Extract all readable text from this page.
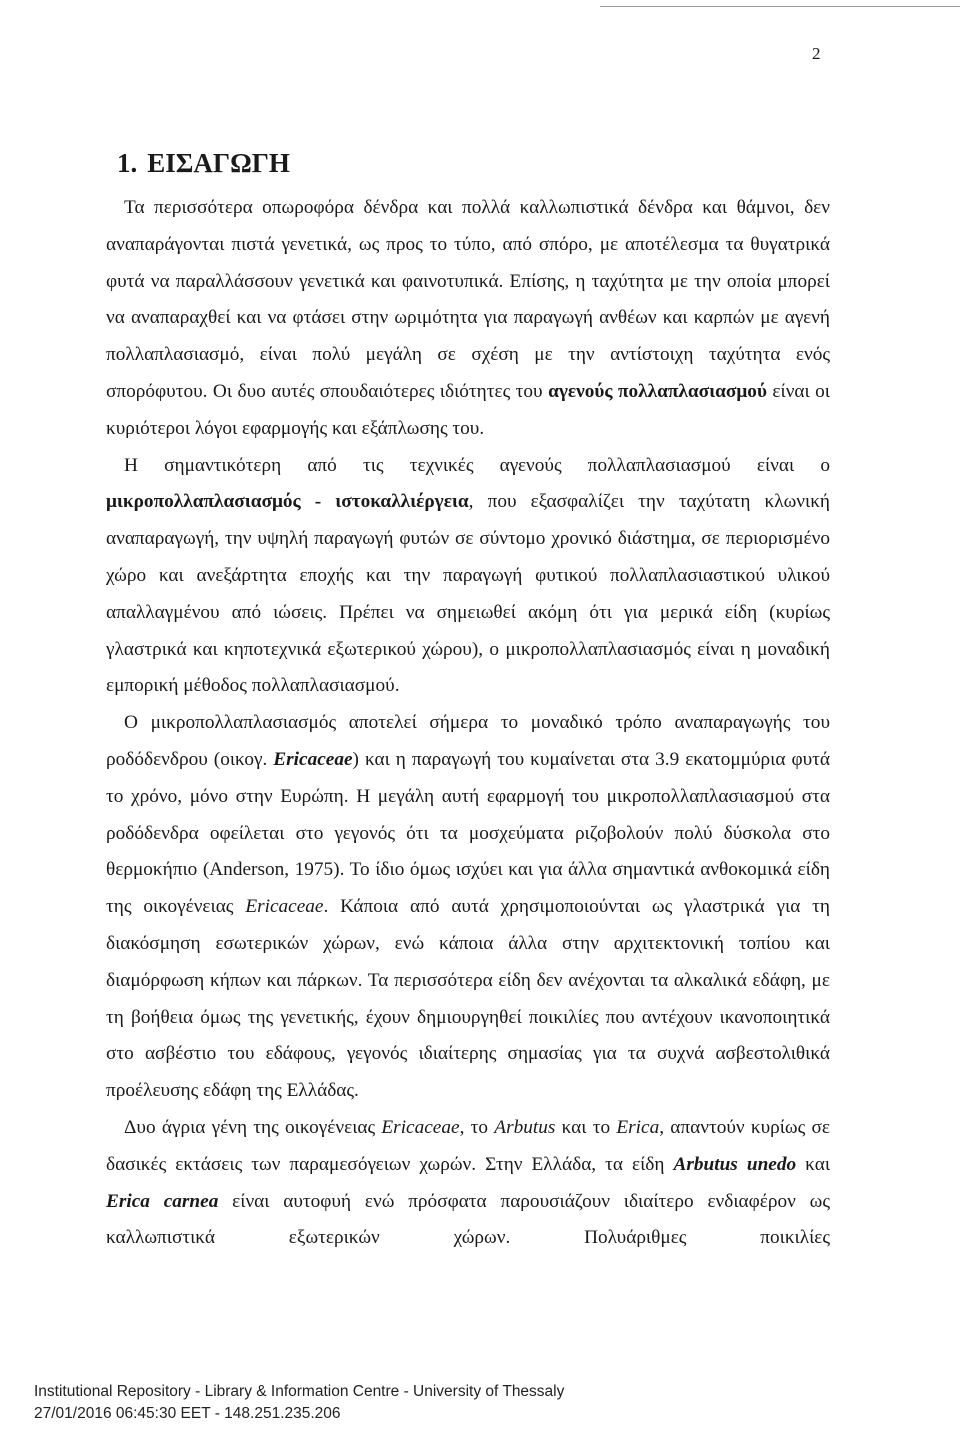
2
1. ΕΙΣΑΓΩΓΗ

Τα περισσότερα οπωροφόρα δένδρα και πολλά καλλωπιστικά δένδρα και θάμνοι, δεν αναπαράγονται πιστά γενετικά, ως προς το τύπο, από σπόρο, με αποτέλεσμα τα θυγατρικά φυτά να παραλλάσσουν γενετικά και φαινοτυπικά. Επίσης, η ταχύτητα με την οποία μπορεί να αναπαραχθεί και να φτάσει στην ωριμότητα για παραγωγή ανθέων και καρπών με αγενή πολλαπλασιασμό, είναι πολύ μεγάλη σε σχέση με την αντίστοιχη ταχύτητα ενός σπορόφυτου. Οι δυο αυτές σπουδαιότερες ιδιότητες του αγενούς πολλαπλασιασμού είναι οι κυριότεροι λόγοι εφαρμογής και εξάπλωσης του.

Η σημαντικότερη από τις τεχνικές αγενούς πολλαπλασιασμού είναι ο μικροπολλαπλασιασμός - ιστοκαλλιέργεια, που εξασφαλίζει την ταχύτατη κλωνική αναπαραγωγή, την υψηλή παραγωγή φυτών σε σύντομο χρονικό διάστημα, σε περιορισμένο χώρο και ανεξάρτητα εποχής και την παραγωγή φυτικού πολλαπλασιαστικού υλικού απαλλαγμένου από ιώσεις. Πρέπει να σημειωθεί ακόμη ότι για μερικά είδη (κυρίως γλαστρικά και κηποτεχνικά εξωτερικού χώρου), ο μικροπολλαπλασιασμός είναι η μοναδική εμπορική μέθοδος πολλαπλασιασμού.

Ο μικροπολλαπλασιασμός αποτελεί σήμερα το μοναδικό τρόπο αναπαραγωγής του ροδόδενδρου (οικογ. Ericaceae) και η παραγωγή του κυμαίνεται στα 3.9 εκατομμύρια φυτά το χρόνο, μόνο στην Ευρώπη. Η μεγάλη αυτή εφαρμογή του μικροπολλαπλασιασμού στα ροδόδενδρα οφείλεται στο γεγονός ότι τα μοσχεύματα ριζοβολούν πολύ δύσκολα στο θερμοκήπιο (Anderson, 1975). Το ίδιο όμως ισχύει και για άλλα σημαντικά ανθοκομικά είδη της οικογένειας Ericaceae. Κάποια από αυτά χρησιμοποιούνται ως γλαστρικά για τη διακόσμηση εσωτερικών χώρων, ενώ κάποια άλλα στην αρχιτεκτονική τοπίου και διαμόρφωση κήπων και πάρκων. Τα περισσότερα είδη δεν ανέχονται τα αλκαλικά εδάφη, με τη βοήθεια όμως της γενετικής, έχουν δημιουργηθεί ποικιλίες που αντέχουν ικανοποιητικά στο ασβέστιο του εδάφους, γεγονός ιδιαίτερης σημασίας για τα συχνά ασβεστολιθικά προέλευσης εδάφη της Ελλάδας.

Δυο άγρια γένη της οικογένειας Ericaceae, το Arbutus και το Erica, απαντούν κυρίως σε δασικές εκτάσεις των παραμεσόγειων χωρών. Στην Ελλάδα, τα είδη Arbutus unedo και Erica carnea είναι αυτοφυή ενώ πρόσφατα παρουσιάζουν ιδιαίτερο ενδιαφέρον ως καλλωπιστικά εξωτερικών χώρων. Πολυάριθμες ποικιλίες

Institutional Repository - Library & Information Centre - University of Thessaly
27/01/2016 06:45:30 EET - 148.251.235.206
